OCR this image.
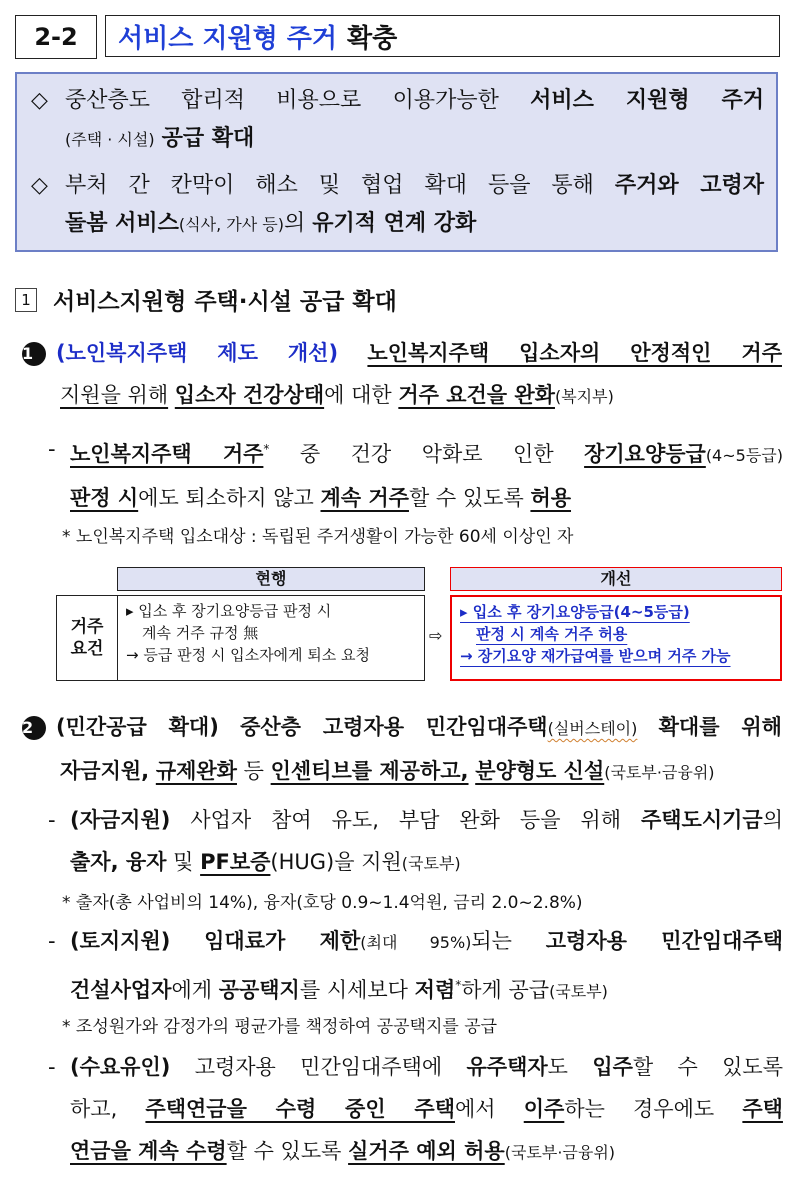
2-2	서비스 지원형 주거 확충
◇ 중산층도 합리적 비용으로 이용가능한 서비스 지원형 주거
(주택 · 시설) 공급 확대
◇ 부처 간 칸막이 해소 및 협업 확대 등을 통해 주거와 고령자
돌봄 서비스(식사, 가사 등)의 유기적 연계 강화
1 서비스지원형 주택·시설 공급 확대
1 (노인복지주택 제도 개선) 노인복지주택 입소자의 안정적인 거주
지원을 위해 입소자 건강상태에 대한 거주 요건을 완화(복지부)
- 노인복지주택 거주* 중 건강 악화로 인한 장기요양등급(4~5등급)
판정 시에도 퇴소하지 않고 계속 거주할 수 있도록 허용
* 노인복지주택 입소대상 : 독립된 주거생활이 가능한 60세 이상인 자
현행	개선
거주
요건
▸ 입소 후 장기요양등급 판정 시
계속 거주 규정 無
→ 등급 판정 시 입소자에게 퇴소 요청
⇨
▸ 입소 후 장기요양등급(4~5등급)
판정 시 계속 거주 허용
→ 장기요양 재가급여를 받으며 거주 가능
2 (민간공급 확대) 중산층 고령자용 민간임대주택(실버스테이) 확대를 위해
자금지원, 규제완화 등 인센티브를 제공하고, 분양형도 신설(국토부·금융위)
- (자금지원) 사업자 참여 유도, 부담 완화 등을 위해 주택도시기금의
출자, 융자 및 PF보증(HUG)을 지원(국토부)
* 출자(총 사업비의 14%), 융자(호당 0.9~1.4억원, 금리 2.0~2.8%)
- (토지지원) 임대료가 제한(최대 95%)되는 고령자용 민간임대주택
건설사업자에게 공공택지를 시세보다 저렴*하게 공급(국토부)
* 조성원가와 감정가의 평균가를 책정하여 공공택지를 공급
- (수요유인) 고령자용 민간임대주택에 유주택자도 입주할 수 있도록
하고, 주택연금을 수령 중인 주택에서 이주하는 경우에도 주택
연금을 계속 수령할 수 있도록 실거주 예외 허용(국토부·금융위)
